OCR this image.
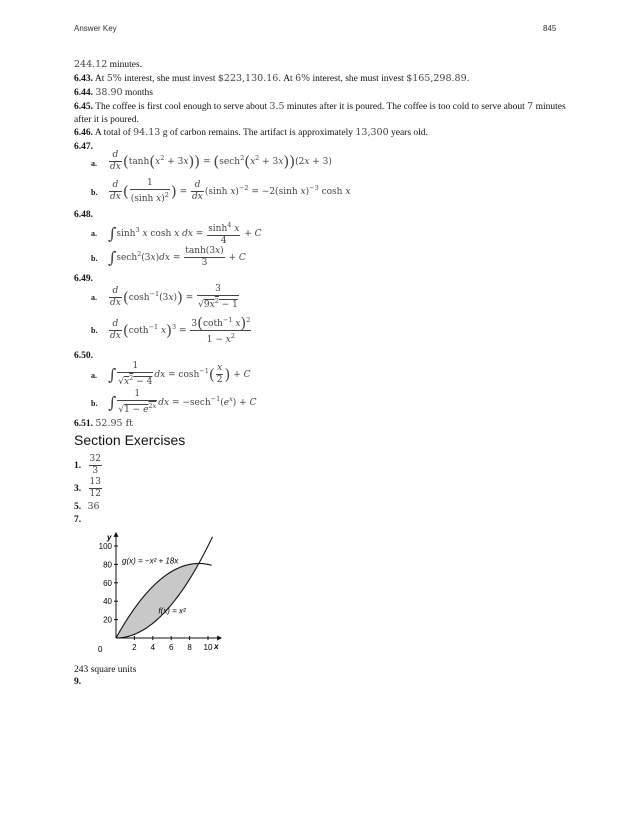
Answer Key	845
244.12 minutes.
6.43. At 5% interest, she must invest $223,130.16. At 6% interest, she must invest $165,298.89.
6.44. 38.90 months
6.45. The coffee is first cool enough to serve about 3.5 minutes after it is poured. The coffee is too cold to serve about 7 minutes
after it is poured.
6.46. A total of 94.13 g of carbon remains. The artifact is approximately 13,300 years old.
6.47.
a. $\frac{d}{dx} (\tanh(x^2 + 3x)) = (\sec h^2(x^2 + 3x))(2x + 3)$
b. $\frac{d}{dx}$ ( $\frac{1}{(\sinh x)^2}$ ) = $\frac{d}{dx} (\sinh$ x)$^{-2}$ = −2(sinh x)$^{-3}$ cosh x
6.48.
a. $\int\sinh^3$ x cosh x dx = $\frac{\sinh^4 x}{4} + C$
b. $\int\sec h^2(3x)dx = \frac{\tanh(3x)}{3} + C$
6.49.
a. $\frac{d}{dx} (\cosh^{-1}(3x)) = \frac{3}{√9x^2 - 1}$
b. $\frac{d}{dx} (\cot h^{-1}$ $x)^3 = \frac{3(\cot h^{-1} x)^2}{1 - x^2}$
6.50.
a. ∫ $\frac{1}{√x^2 - 4}$ dx = $\cosh^{-1}( \frac{x}{2}$ ) + C
b. ∫ $\frac{1}{√1 - e^{2x}}$ dx = $-\sec h^{-1}(e^x) + C$
6.51. 52.95 ft
Section Exercises
1. $\frac{32}{3}$
3. $\frac{13}{12}$
5. 36
7.
2 4 6 8 10
20
40
60
80
100
x
y
0
g(x) = −x² + 18x
f(x) = x²
243 square units
9.
